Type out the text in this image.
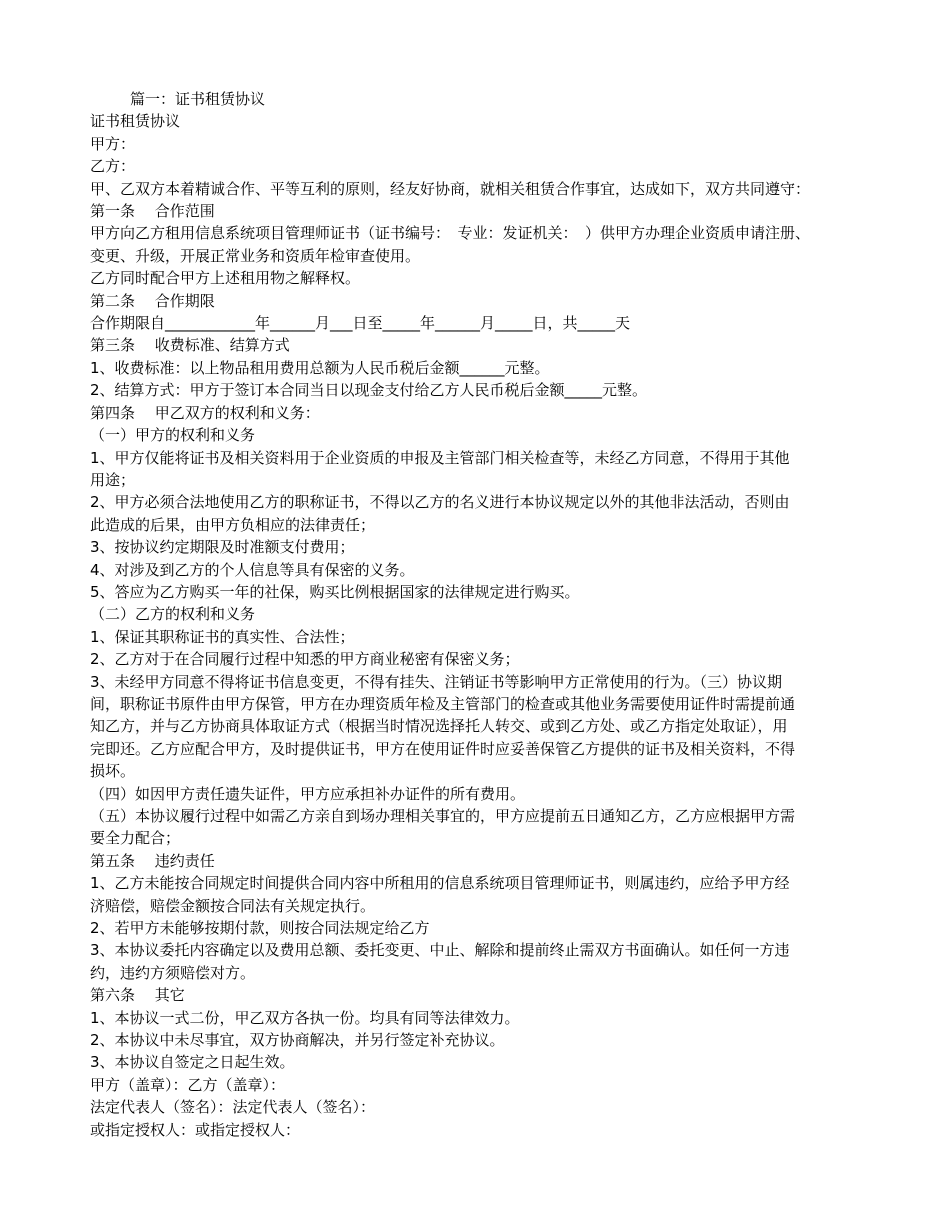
篇一：证书租赁协议

证书租赁协议

甲方：

乙方：

甲、乙双方本着精诚合作、平等互利的原则，经友好协商，就相关租赁合作事宜，达成如下，双方共同遵守：

第一条　 合作范围

甲方向乙方租用信息系统项目管理师证书（证书编号：　专业：发证机关：　）供甲方办理企业资质申请注册、

变更、升级，开展正常业务和资质年检审查使用。

乙方同时配合甲方上述租用物之解释权。

第二条　 合作期限

合作期限自____________年______月___日至_____年______月_____日，共_____天

第三条　 收费标准、结算方式

1、收费标准：以上物品租用费用总额为人民币税后金额______元整。

2、结算方式：甲方于签订本合同当日以现金支付给乙方人民币税后金额_____元整。

第四条　 甲乙双方的权利和义务：

（一）甲方的权利和义务

1、甲方仅能将证书及相关资料用于企业资质的申报及主管部门相关检查等，未经乙方同意，不得用于其他

用途；

2、甲方必须合法地使用乙方的职称证书，不得以乙方的名义进行本协议规定以外的其他非法活动，否则由

此造成的后果，由甲方负相应的法律责任；

3、按协议约定期限及时准额支付费用；

4、对涉及到乙方的个人信息等具有保密的义务。

5、答应为乙方购买一年的社保，购买比例根据国家的法律规定进行购买。

（二）乙方的权利和义务

1、保证其职称证书的真实性、合法性；

2、乙方对于在合同履行过程中知悉的甲方商业秘密有保密义务；

3、未经甲方同意不得将证书信息变更，不得有挂失、注销证书等影响甲方正常使用的行为。（三）协议期

间，职称证书原件由甲方保管，甲方在办理资质年检及主管部门的检查或其他业务需要使用证件时需提前通

知乙方，并与乙方协商具体取证方式（根据当时情况选择托人转交、或到乙方处、或乙方指定处取证），用

完即还。乙方应配合甲方，及时提供证书，甲方在使用证件时应妥善保管乙方提供的证书及相关资料，不得

损坏。

（四）如因甲方责任遗失证件，甲方应承担补办证件的所有费用。

（五）本协议履行过程中如需乙方亲自到场办理相关事宜的，甲方应提前五日通知乙方，乙方应根据甲方需

要全力配合；

第五条　 违约责任

1、乙方未能按合同规定时间提供合同内容中所租用的信息系统项目管理师证书，则属违约，应给予甲方经

济赔偿，赔偿金额按合同法有关规定执行。

2、若甲方未能够按期付款，则按合同法规定给乙方

3、本协议委托内容确定以及费用总额、委托变更、中止、解除和提前终止需双方书面确认。如任何一方违

约，违约方须赔偿对方。

第六条　 其它

1、本协议一式二份，甲乙双方各执一份。均具有同等法律效力。

2、本协议中未尽事宜，双方协商解决，并另行签定补充协议。

3、本协议自签定之日起生效。

甲方（盖章）：乙方（盖章）：

法定代表人（签名）：法定代表人（签名）：

或指定授权人：或指定授权人：
